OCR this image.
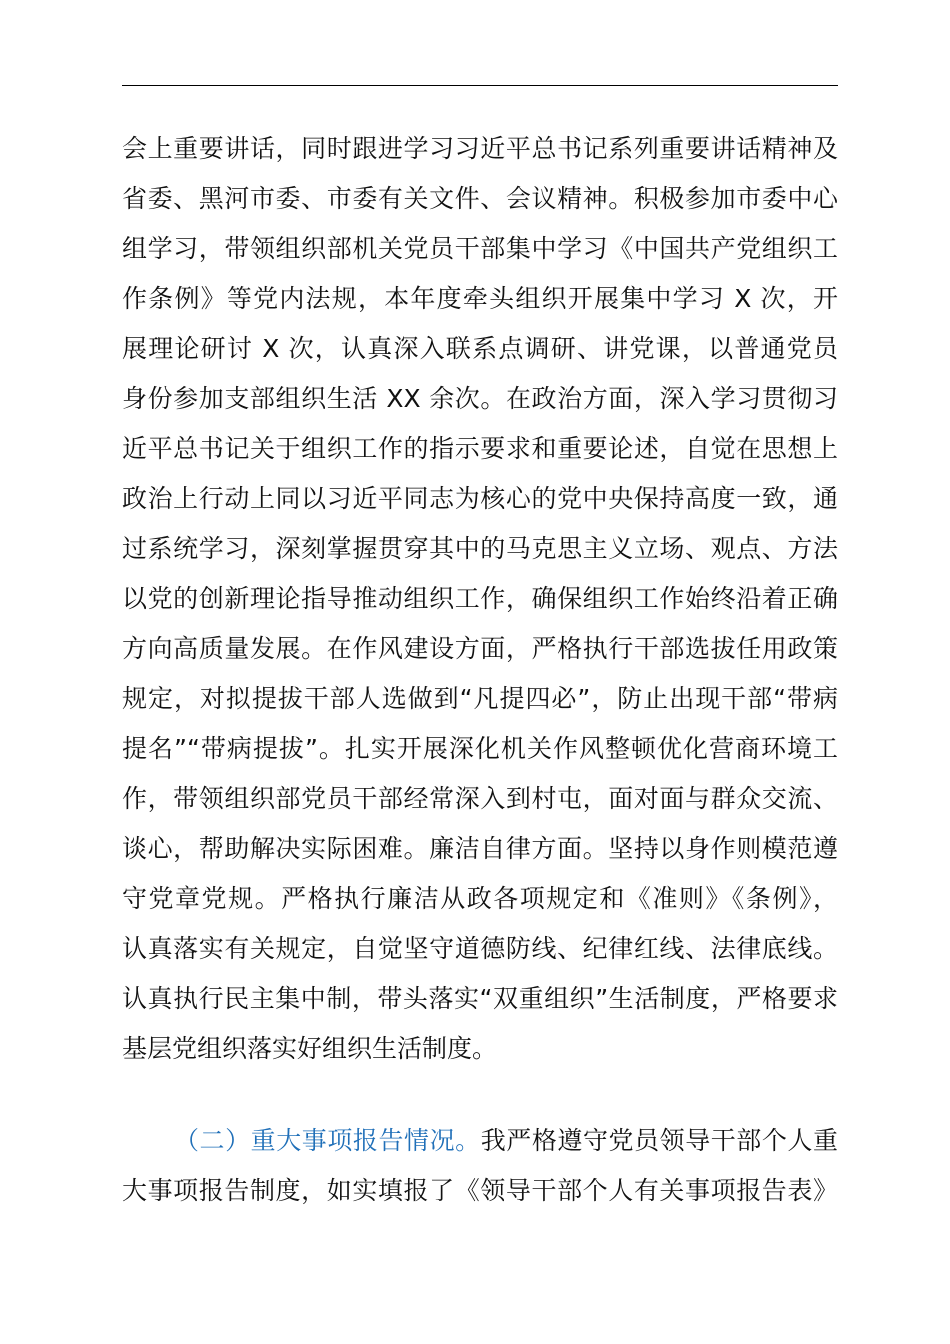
会上重要讲话，同时跟进学习习近平总书记系列重要讲话精神及
省委、黑河市委、市委有关文件、会议精神。积极参加市委中心
组学习，带领组织部机关党员干部集中学习《中国共产党组织工
作条例》等党内法规，本年度牵头组织开展集中学习 X 次，开
展理论研讨 X 次，认真深入联系点调研、讲党课，以普通党员
身份参加支部组织生活 XX 余次。在政治方面，深入学习贯彻习
近平总书记关于组织工作的指示要求和重要论述，自觉在思想上
政治上行动上同以习近平同志为核心的党中央保持高度一致，通
过系统学习，深刻掌握贯穿其中的马克思主义立场、观点、方法
以党的创新理论指导推动组织工作，确保组织工作始终沿着正确
方向高质量发展。在作风建设方面，严格执行干部选拔任用政策
规定，对拟提拔干部人选做到“凡提四必”，防止出现干部“带病
提名”“带病提拔”。扎实开展深化机关作风整顿优化营商环境工
作，带领组织部党员干部经常深入到村屯，面对面与群众交流、
谈心，帮助解决实际困难。廉洁自律方面。坚持以身作则模范遵
守党章党规。严格执行廉洁从政各项规定和《准则》《条例》，
认真落实有关规定，自觉坚守道德防线、纪律红线、法律底线。
认真执行民主集中制，带头落实“双重组织”生活制度，严格要求
基层党组织落实好组织生活制度。
（二）重大事项报告情况。我严格遵守党员领导干部个人重
大事项报告制度，如实填报了《领导干部个人有关事项报告表》
